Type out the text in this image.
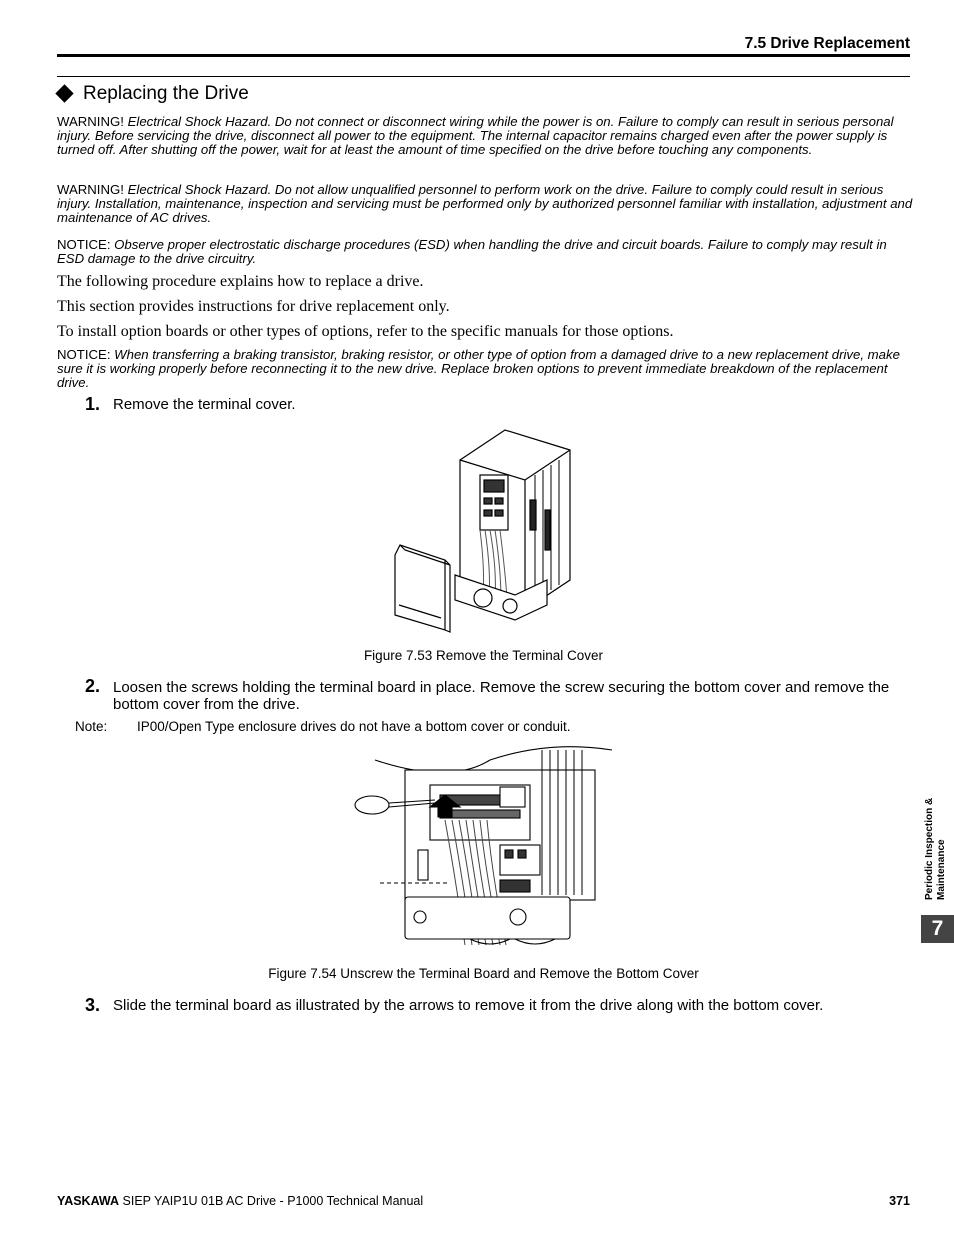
7.5 Drive Replacement
Replacing the Drive
WARNING! Electrical Shock Hazard. Do not connect or disconnect wiring while the power is on. Failure to comply can result in serious personal injury. Before servicing the drive, disconnect all power to the equipment. The internal capacitor remains charged even after the power supply is turned off. After shutting off the power, wait for at least the amount of time specified on the drive before touching any components.
WARNING! Electrical Shock Hazard. Do not allow unqualified personnel to perform work on the drive. Failure to comply could result in serious injury. Installation, maintenance, inspection and servicing must be performed only by authorized personnel familiar with installation, adjustment and maintenance of AC drives.
NOTICE: Observe proper electrostatic discharge procedures (ESD) when handling the drive and circuit boards. Failure to comply may result in ESD damage to the drive circuitry.
The following procedure explains how to replace a drive.
This section provides instructions for drive replacement only.
To install option boards or other types of options, refer to the specific manuals for those options.
NOTICE: When transferring a braking transistor, braking resistor, or other type of option from a damaged drive to a new replacement drive, make sure it is working properly before reconnecting it to the new drive. Replace broken options to prevent immediate breakdown of the replacement drive.
1. Remove the terminal cover.
Figure 7.53 Remove the Terminal Cover
2. Loosen the screws holding the terminal board in place. Remove the screw securing the bottom cover and remove the bottom cover from the drive.
Note: IP00/Open Type enclosure drives do not have a bottom cover or conduit.
Figure 7.54 Unscrew the Terminal Board and Remove the Bottom Cover
3. Slide the terminal board as illustrated by the arrows to remove it from the drive along with the bottom cover.
Periodic Inspection & Maintenance
7
YASKAWA SIEP YAIP1U 01B AC Drive - P1000 Technical Manual	371
